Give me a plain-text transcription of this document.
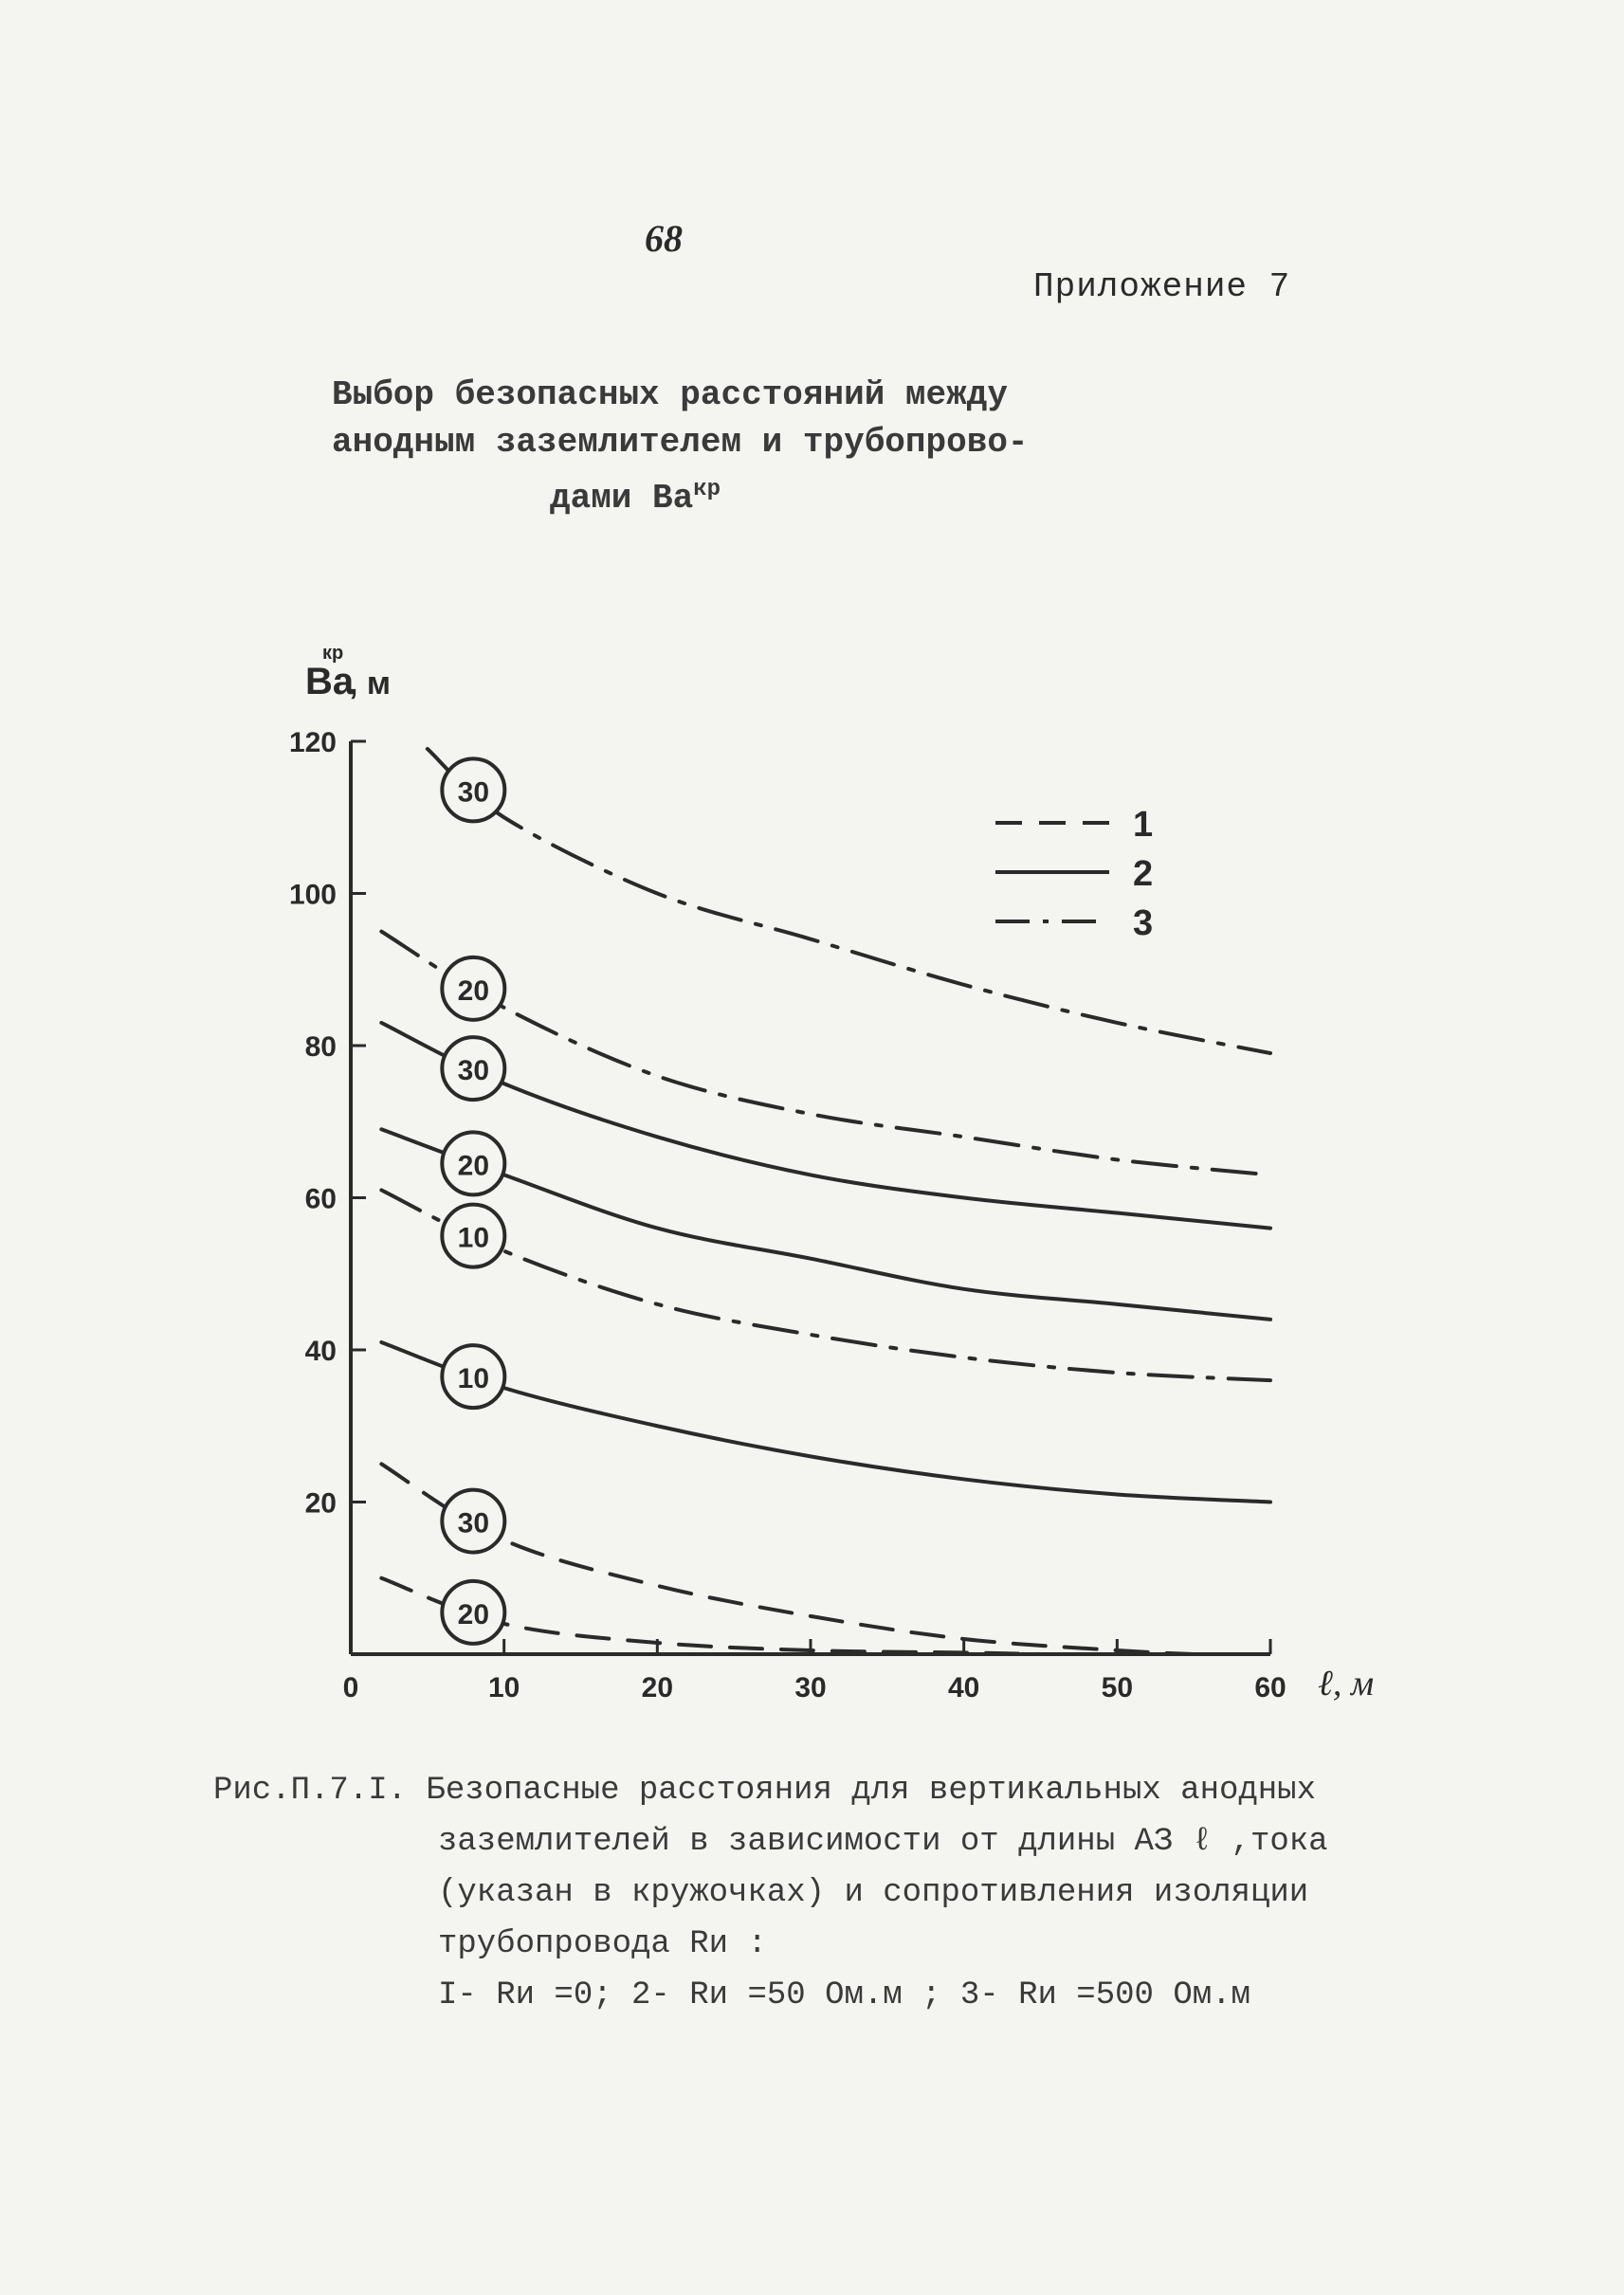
68
Приложение 7
Выбор безопасных расстояний между
анодным заземлителем и трубопрово-
дами $Ва^{кр}$
0	10	20	30	40	50	60
20
40
60
80
100
120
30
20
30
20
10
10
30
20
1
2
3
Ва
кр
, м
ℓ, м
Рис.П.7.I. Безопасные расстояния для вертикальных анодных
заземлителей в зависимости от длины АЗ ℓ ,тока
(указан в кружочках) и сопротивления изоляции
трубопровода Rи :
I- Rи =0; 2- Rи =50 Ом.м ; 3- Rи =500 Ом.м
